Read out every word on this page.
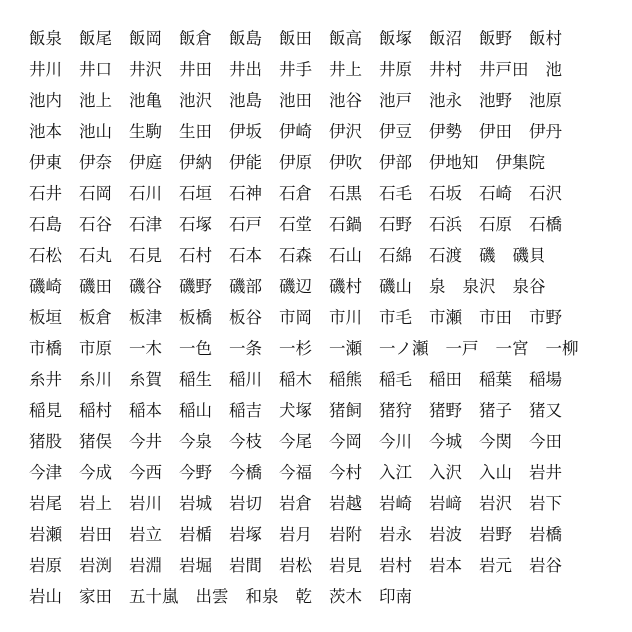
飯泉 飯尾 飯岡 飯倉 飯島 飯田 飯高 飯塚 飯沼 飯野 飯村
井川 井口 井沢 井田 井出 井手 井上 井原 井村 井戸田 池
池内 池上 池亀 池沢 池島 池田 池谷 池戸 池永 池野 池原
池本 池山 生駒 生田 伊坂 伊崎 伊沢 伊豆 伊勢 伊田 伊丹
伊東 伊奈 伊庭 伊納 伊能 伊原 伊吹 伊部 伊地知 伊集院
石井 石岡 石川 石垣 石神 石倉 石黒 石毛 石坂 石崎 石沢
石島 石谷 石津 石塚 石戸 石堂 石鍋 石野 石浜 石原 石橋
石松 石丸 石見 石村 石本 石森 石山 石綿 石渡 磯 磯貝
磯崎 磯田 磯谷 磯野 磯部 磯辺 磯村 磯山 泉 泉沢 泉谷
板垣 板倉 板津 板橋 板谷 市岡 市川 市毛 市瀬 市田 市野
市橋 市原 一木 一色 一条 一杉 一瀬 一ノ瀬 一戸 一宮 一柳
糸井 糸川 糸賀 稲生 稲川 稲木 稲熊 稲毛 稲田 稲葉 稲場
稲見 稲村 稲本 稲山 稲吉 犬塚 猪飼 猪狩 猪野 猪子 猪又
猪股 猪俣 今井 今泉 今枝 今尾 今岡 今川 今城 今関 今田
今津 今成 今西 今野 今橋 今福 今村 入江 入沢 入山 岩井
岩尾 岩上 岩川 岩城 岩切 岩倉 岩越 岩崎 岩﨑 岩沢 岩下
岩瀬 岩田 岩立 岩楯 岩塚 岩月 岩附 岩永 岩波 岩野 岩橋
岩原 岩渕 岩淵 岩堀 岩間 岩松 岩見 岩村 岩本 岩元 岩谷
岩山 家田 五十嵐 出雲 和泉 乾 茨木 印南
